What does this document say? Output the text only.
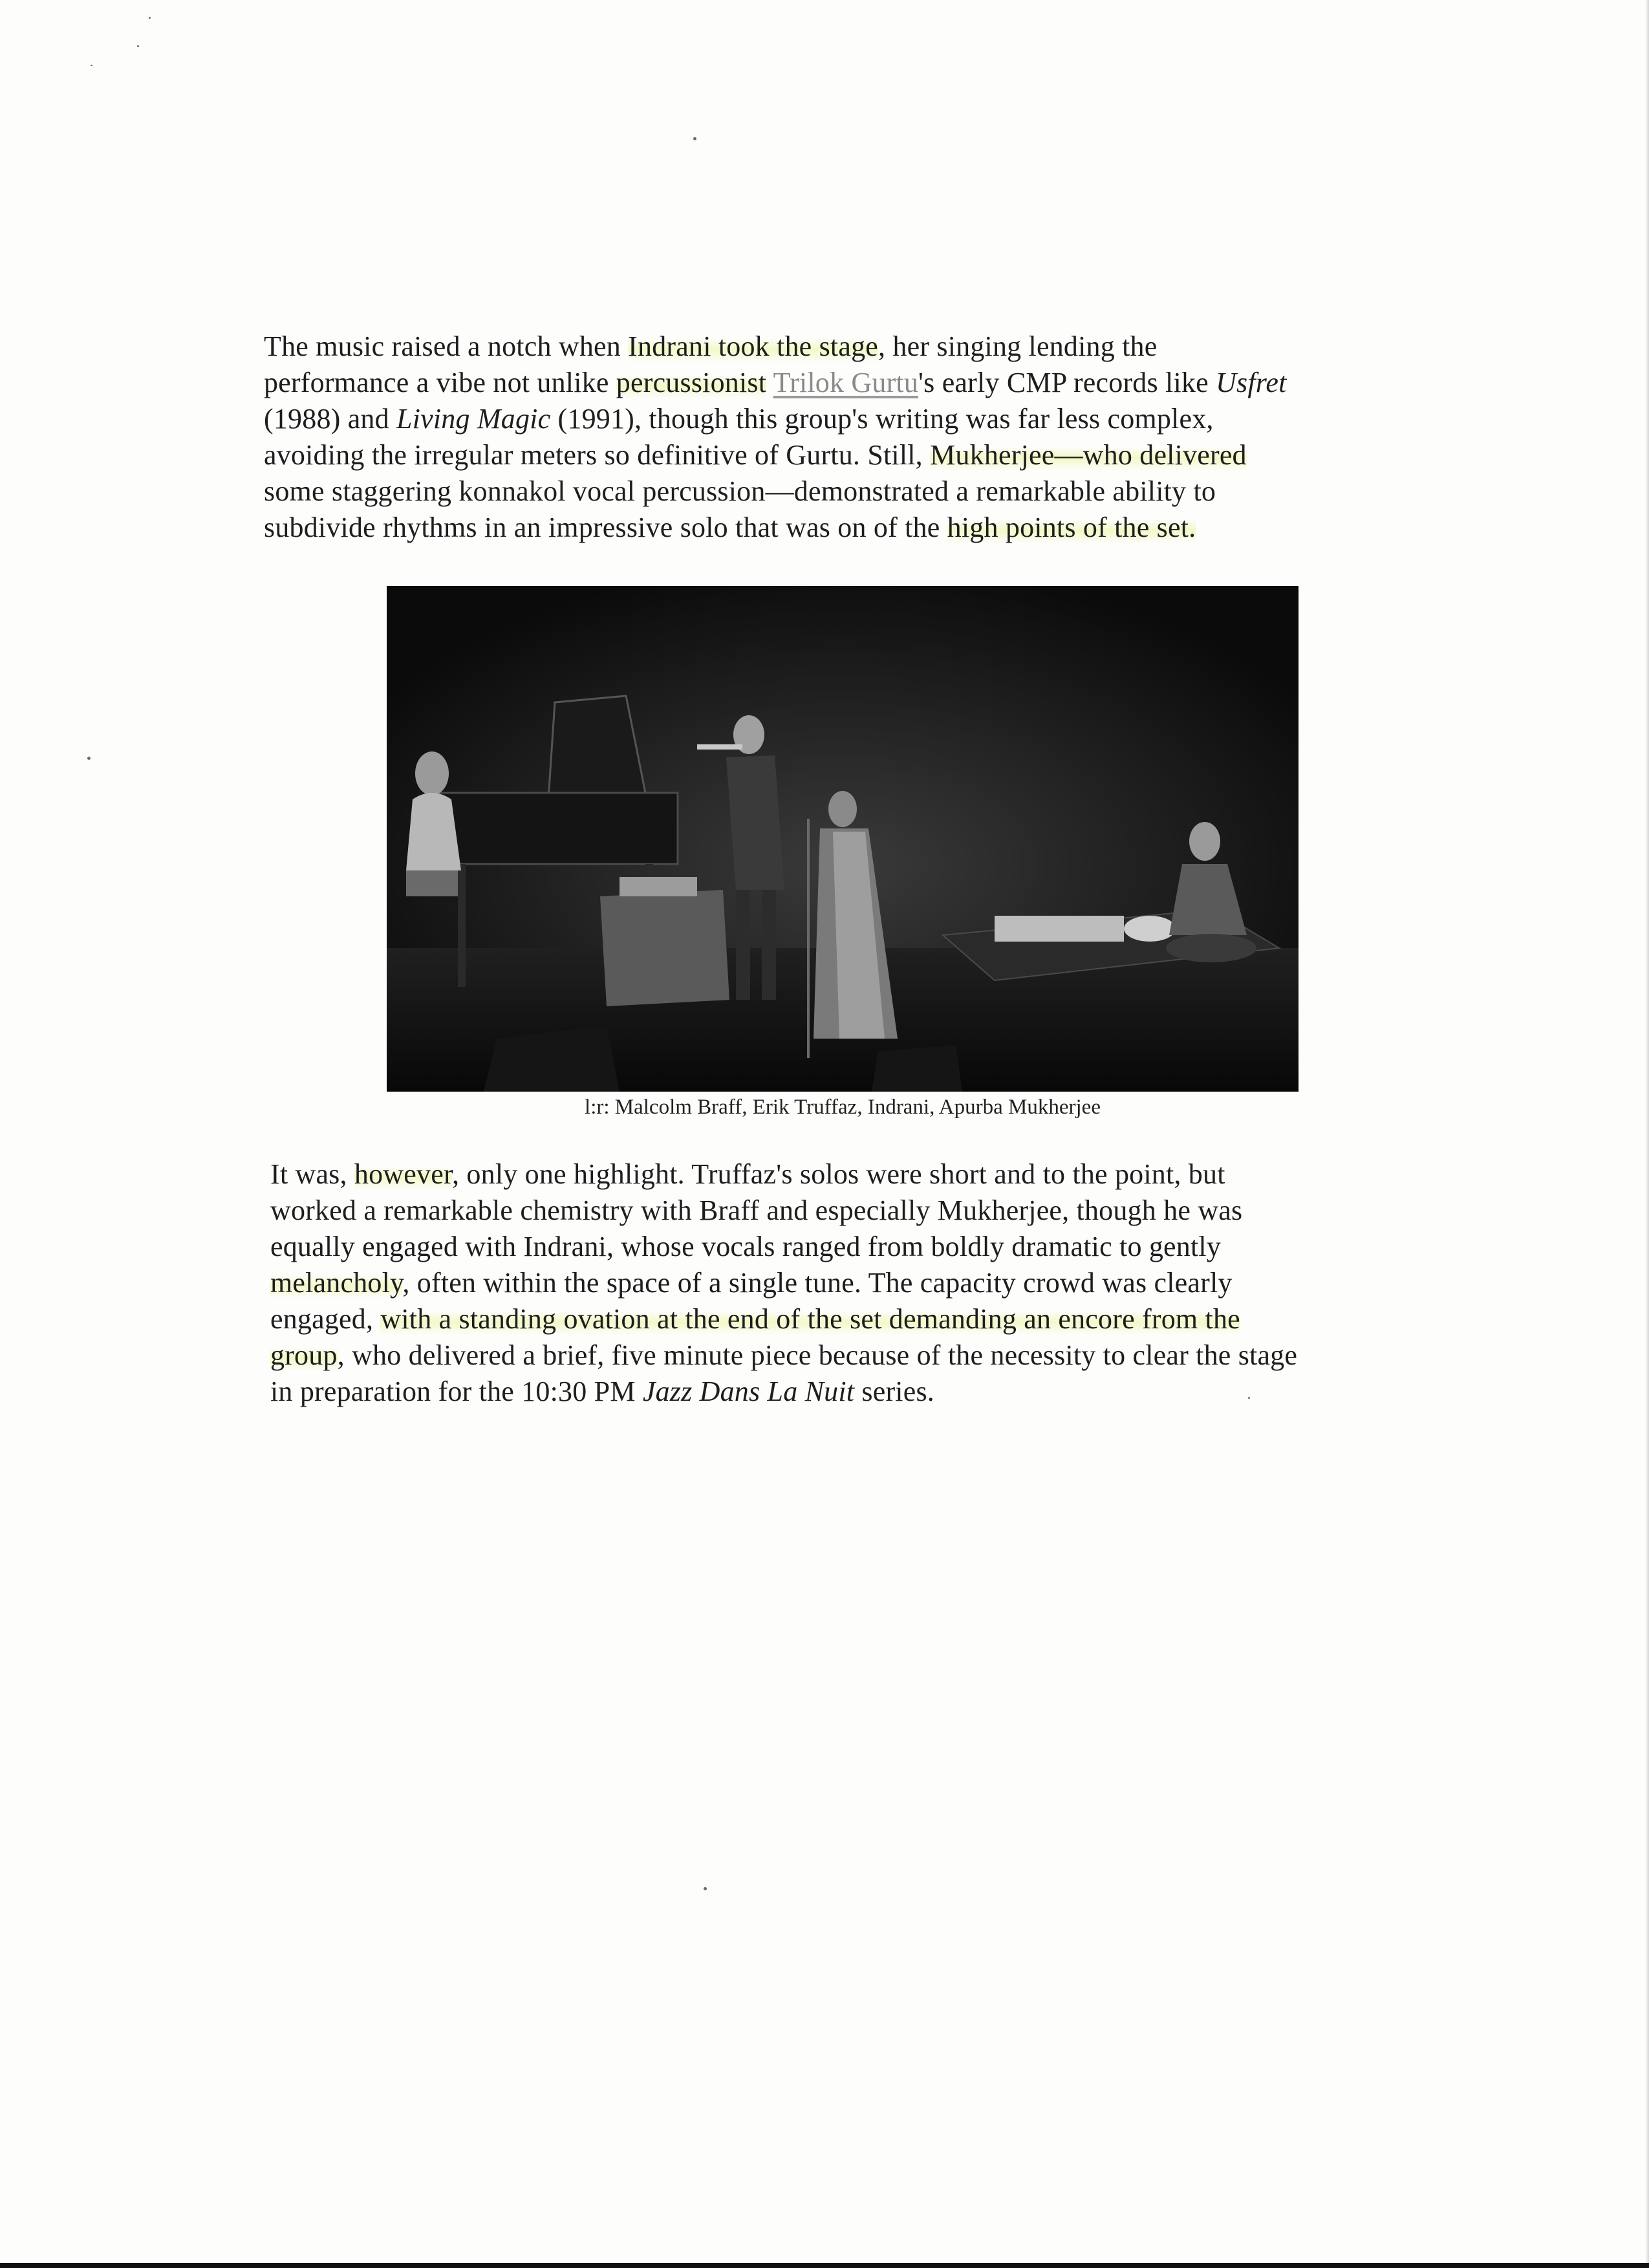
The music raised a notch when Indrani took the stage, her singing lending the
performance a vibe not unlike percussionist Trilok Gurtu's early CMP records like Usfret
(1988) and Living Magic (1991), though this group's writing was far less complex,
avoiding the irregular meters so definitive of Gurtu. Still, Mukherjee—who delivered
some staggering konnakol vocal percussion—demonstrated a remarkable ability to
subdivide rhythms in an impressive solo that was on of the high points of the set.

l:r: Malcolm Braff, Erik Truffaz, Indrani, Apurba Mukherjee

It was, however, only one highlight. Truffaz's solos were short and to the point, but
worked a remarkable chemistry with Braff and especially Mukherjee, though he was
equally engaged with Indrani, whose vocals ranged from boldly dramatic to gently
melancholy, often within the space of a single tune. The capacity crowd was clearly
engaged, with a standing ovation at the end of the set demanding an encore from the
group, who delivered a brief, five minute piece because of the necessity to clear the stage
in preparation for the 10:30 PM Jazz Dans La Nuit series.
